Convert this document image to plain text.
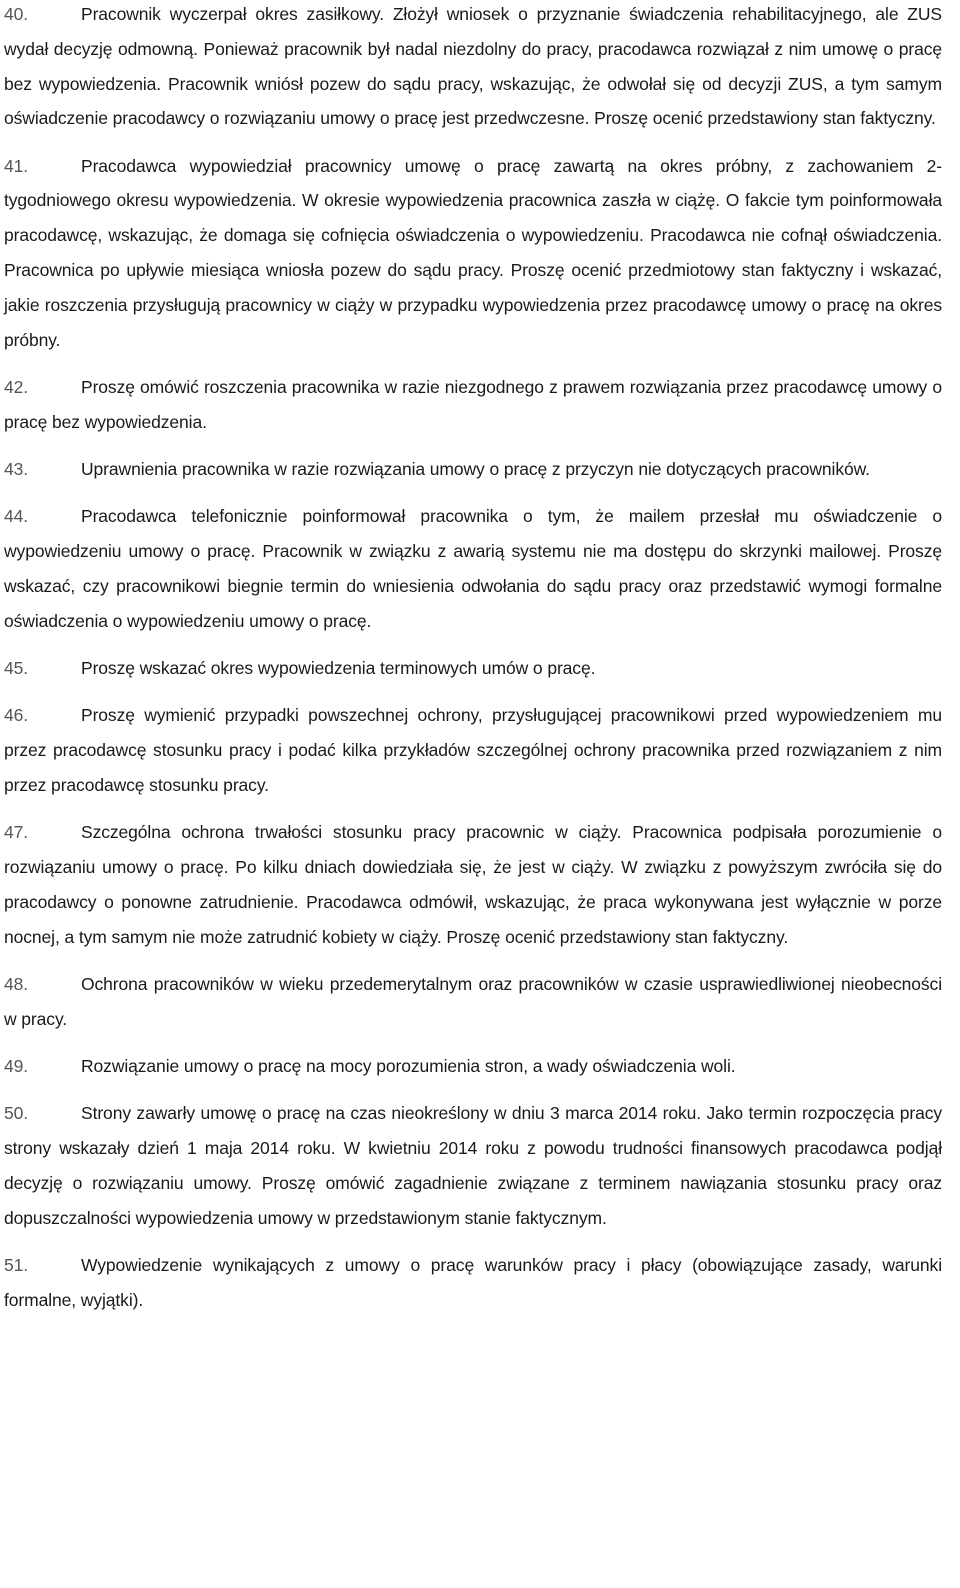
40.	Pracownik wyczerpał okres zasiłkowy. Złożył wniosek o przyznanie świadczenia rehabilitacyjnego, ale ZUS wydał decyzję odmowną. Ponieważ pracownik był nadal niezdolny do pracy, pracodawca rozwiązał z nim umowę o pracę bez wypowiedzenia. Pracownik wniósł pozew do sądu pracy, wskazując, że odwołał się od decyzji ZUS, a tym samym oświadczenie pracodawcy o rozwiązaniu umowy o pracę jest przedwczesne. Proszę ocenić przedstawiony stan faktyczny.

41.	Pracodawca wypowiedział pracownicy umowę o pracę zawartą na okres próbny, z zachowaniem 2-tygodniowego okresu wypowiedzenia. W okresie wypowiedzenia pracownica zaszła w ciążę. O fakcie tym poinformowała pracodawcę, wskazując, że domaga się cofnięcia oświadczenia o wypowiedzeniu. Pracodawca nie cofnął oświadczenia. Pracownica po upływie miesiąca wniosła pozew do sądu pracy. Proszę ocenić przedmiotowy stan faktyczny i wskazać, jakie roszczenia przysługują pracownicy w ciąży w przypadku wypowiedzenia przez pracodawcę umowy o pracę na okres próbny.

42.	Proszę omówić roszczenia pracownika w razie niezgodnego z prawem rozwiązania przez pracodawcę umowy o pracę bez wypowiedzenia.

43.	Uprawnienia pracownika w razie rozwiązania umowy o pracę z przyczyn nie dotyczących pracowników.

44.	Pracodawca telefonicznie poinformował pracownika o tym, że mailem przesłał mu oświadczenie o wypowiedzeniu umowy o pracę. Pracownik w związku z awarią systemu nie ma dostępu do skrzynki mailowej. Proszę wskazać, czy pracownikowi biegnie termin do wniesienia odwołania do sądu pracy oraz przedstawić wymogi formalne oświadczenia o wypowiedzeniu umowy o pracę.

45.	Proszę wskazać okres wypowiedzenia terminowych umów o pracę.

46.	Proszę wymienić przypadki powszechnej ochrony, przysługującej pracownikowi przed wypowiedzeniem mu przez pracodawcę stosunku pracy i podać kilka przykładów szczególnej ochrony pracownika przed rozwiązaniem z nim przez pracodawcę stosunku pracy.

47.	Szczególna ochrona trwałości stosunku pracy pracownic w ciąży. Pracownica podpisała porozumienie o rozwiązaniu umowy o pracę. Po kilku dniach dowiedziała się, że jest w ciąży. W związku z powyższym zwróciła się do pracodawcy o ponowne zatrudnienie. Pracodawca odmówił, wskazując, że praca wykonywana jest wyłącznie w porze nocnej, a tym samym nie może zatrudnić kobiety w ciąży. Proszę ocenić przedstawiony stan faktyczny.

48.	Ochrona pracowników w wieku przedemerytalnym oraz pracowników w czasie usprawiedliwionej nieobecności w pracy.

49.	Rozwiązanie umowy o pracę na mocy porozumienia stron, a wady oświadczenia woli.

50.	Strony zawarły umowę o pracę na czas nieokreślony w dniu 3 marca 2014 roku. Jako termin rozpoczęcia pracy strony wskazały dzień 1 maja 2014 roku. W kwietniu 2014 roku z powodu trudności finansowych pracodawca podjął decyzję o rozwiązaniu umowy. Proszę omówić zagadnienie związane z terminem nawiązania stosunku pracy oraz dopuszczalności wypowiedzenia umowy w przedstawionym stanie faktycznym.

51.	Wypowiedzenie wynikających z umowy o pracę warunków pracy i płacy (obowiązujące zasady, warunki formalne, wyjątki).
